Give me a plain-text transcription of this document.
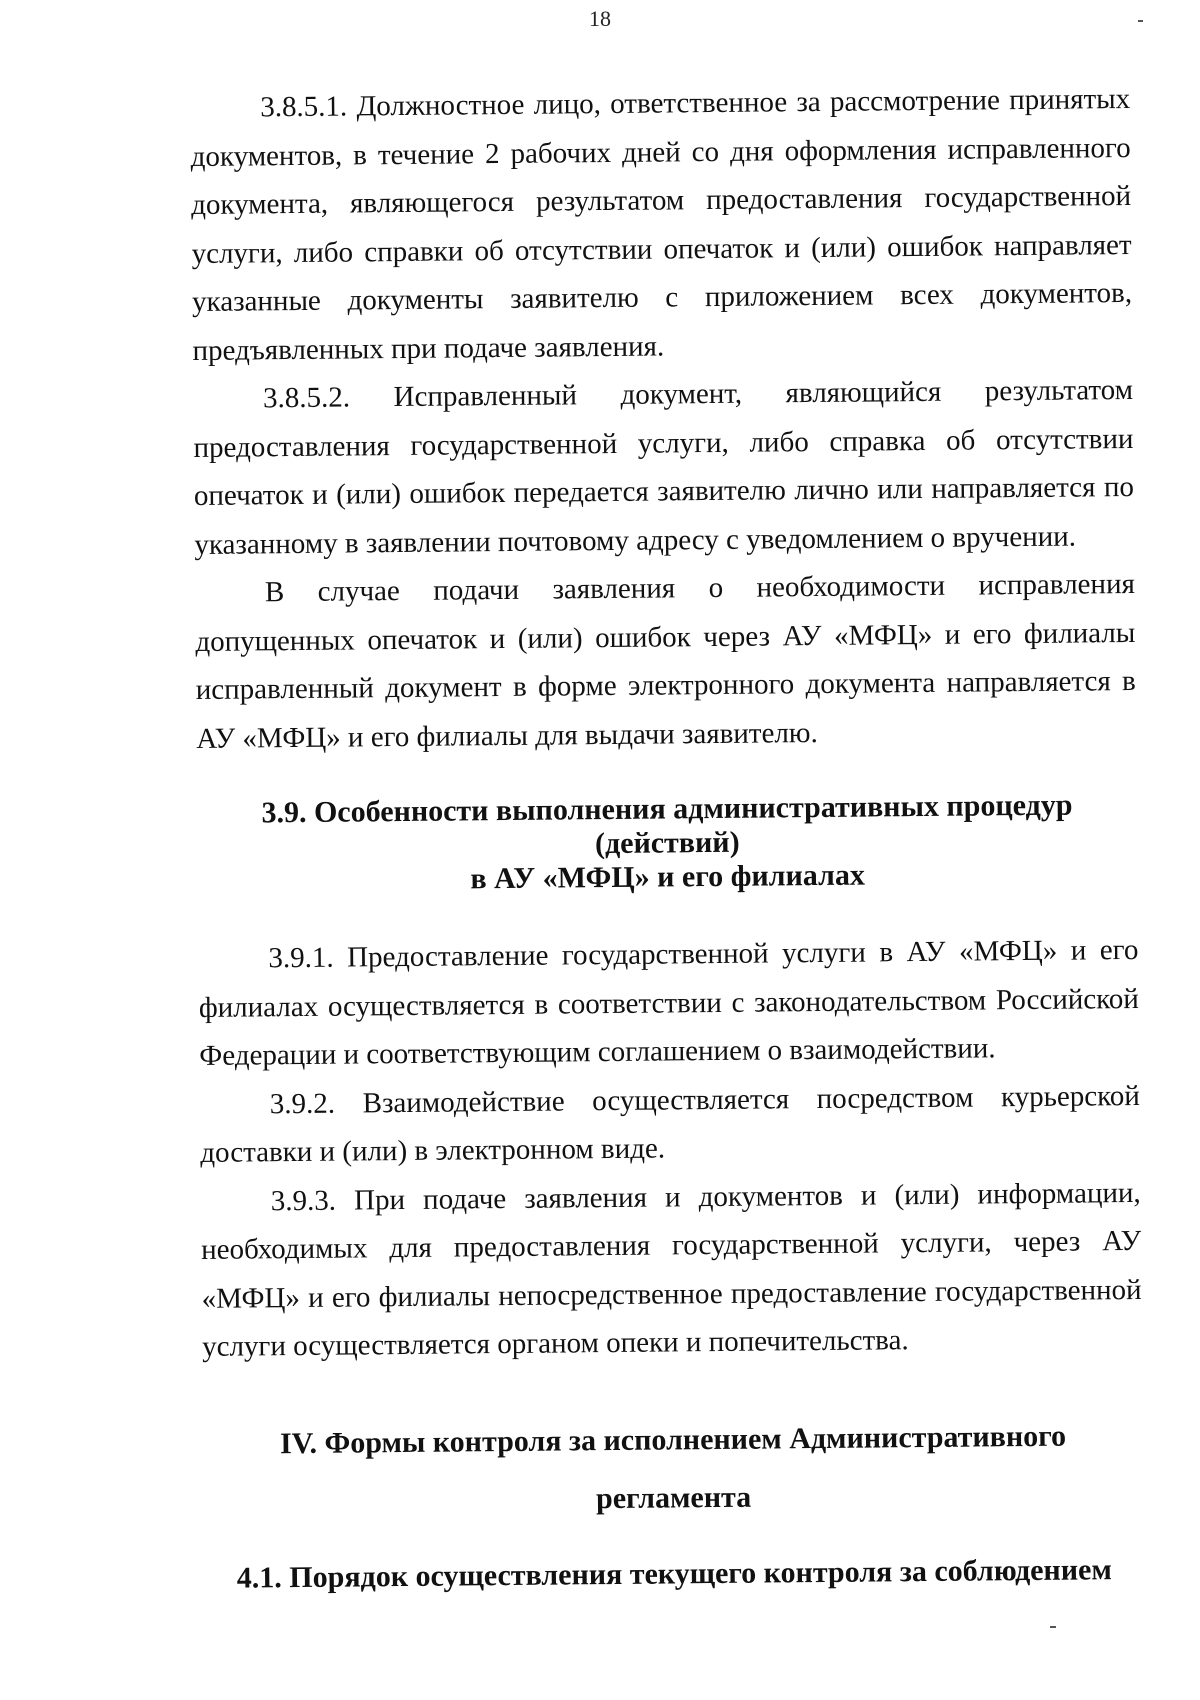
18

3.8.5.1. Должностное лицо, ответственное за рассмотрение принятых документов, в течение 2 рабочих дней со дня оформления исправленного документа, являющегося результатом предоставления государственной услуги, либо справки об отсутствии опечаток и (или) ошибок направляет указанные документы заявителю с приложением всех документов, предъявленных при подаче заявления.

3.8.5.2. Исправленный документ, являющийся результатом предоставления государственной услуги, либо справка об отсутствии опечаток и (или) ошибок передается заявителю лично или направляется по указанному в заявлении почтовому адресу с уведомлением о вручении.

В случае подачи заявления о необходимости исправления допущенных опечаток и (или) ошибок через АУ «МФЦ» и его филиалы исправленный документ в форме электронного документа направляется в АУ «МФЦ» и его филиалы для выдачи заявителю.

3.9. Особенности выполнения административных процедур (действий)

в АУ «МФЦ» и его филиалах

3.9.1. Предоставление государственной услуги в АУ «МФЦ» и его филиалах осуществляется в соответствии с законодательством Российской Федерации и соответствующим соглашением о взаимодействии.

3.9.2. Взаимодействие осуществляется посредством курьерской доставки и (или) в электронном виде.

3.9.3. При подаче заявления и документов и (или) информации, необходимых для предоставления государственной услуги, через АУ «МФЦ» и его филиалы непосредственное предоставление государственной услуги осуществляется органом опеки и попечительства.

IV. Формы контроля за исполнением Административного

регламента

4.1. Порядок осуществления текущего контроля за соблюдением
